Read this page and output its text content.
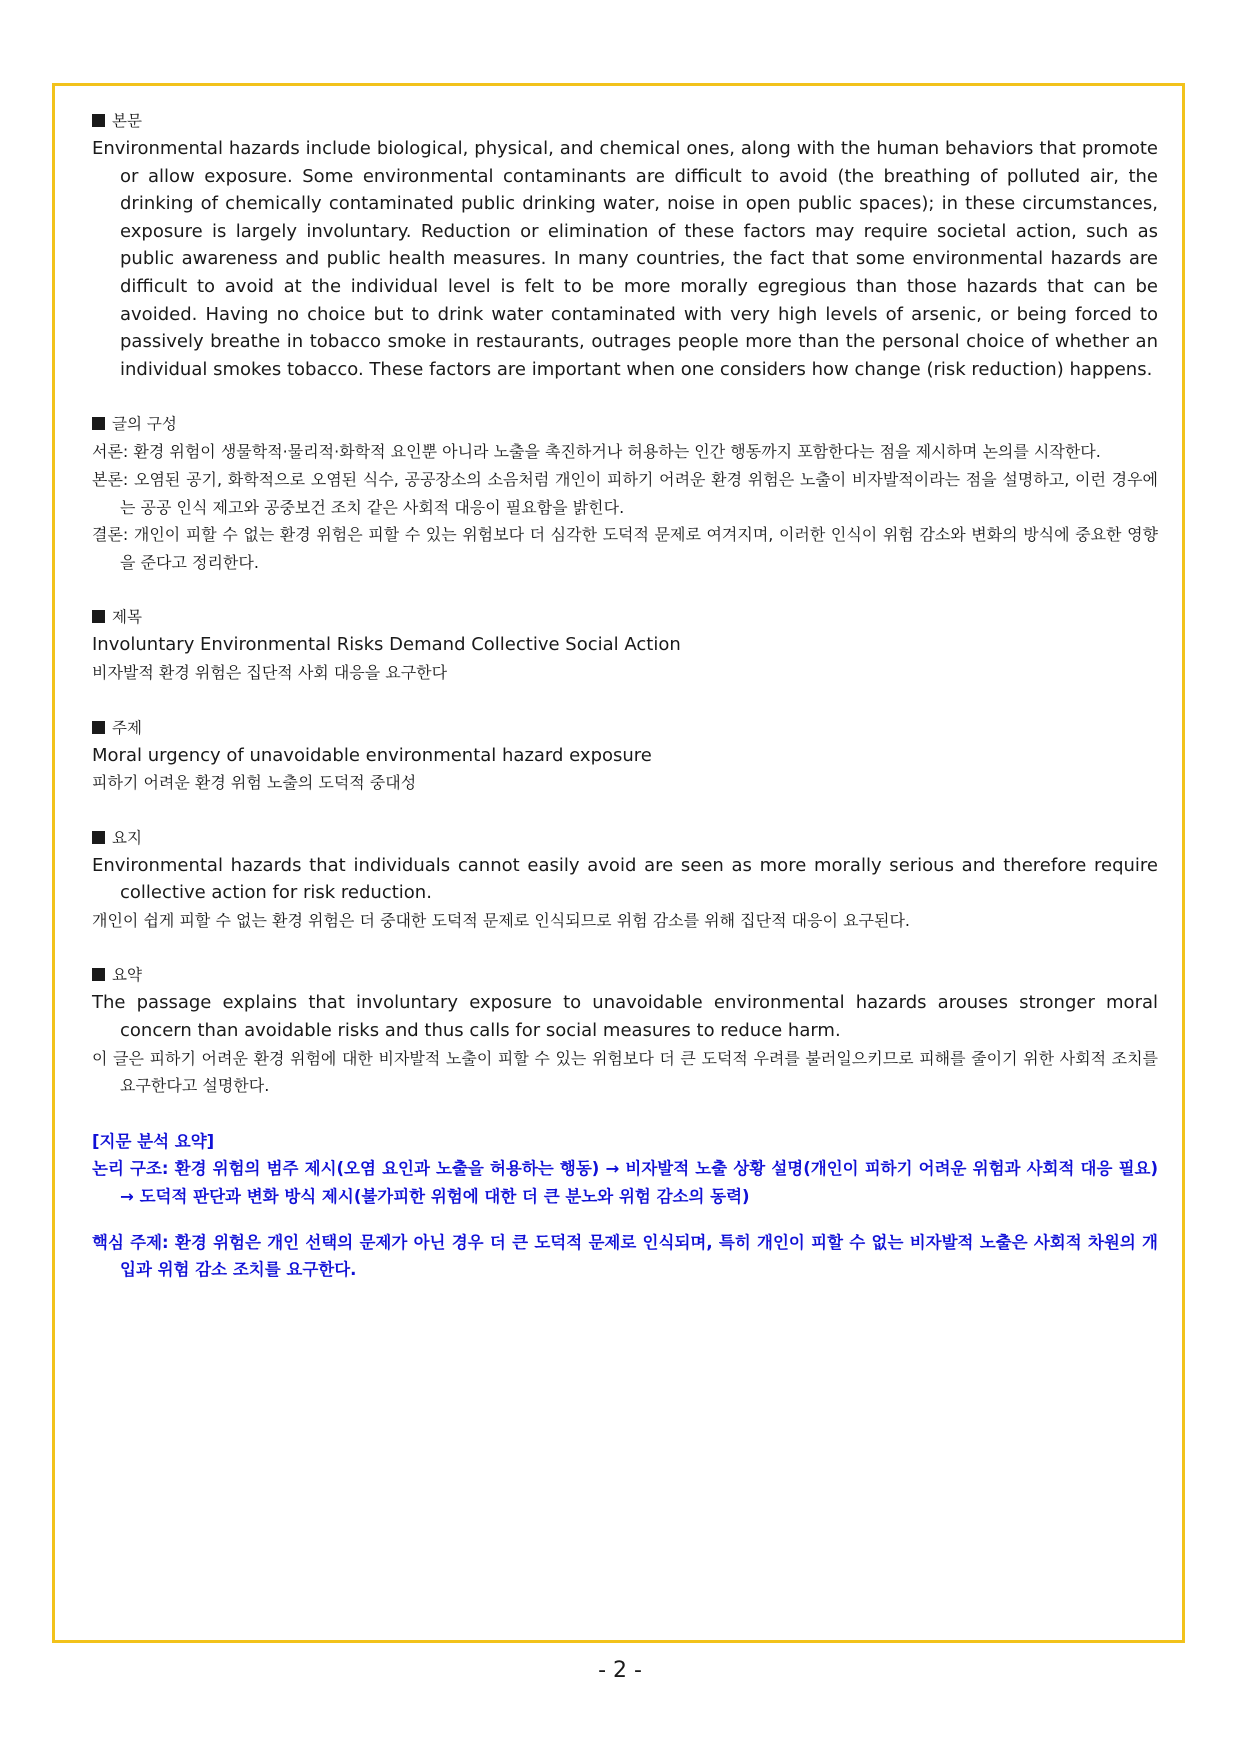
본문
Environmental hazards include biological, physical, and chemical ones, along with the human behaviors that promote or allow exposure. Some environmental contaminants are difficult to avoid (the breathing of polluted air, the drinking of chemically contaminated public drinking water, noise in open public spaces); in these circumstances, exposure is largely involuntary. Reduction or elimination of these factors may require societal action, such as public awareness and public health measures. In many countries, the fact that some environmental hazards are difficult to avoid at the individual level is felt to be more morally egregious than those hazards that can be avoided. Having no choice but to drink water contaminated with very high levels of arsenic, or being forced to passively breathe in tobacco smoke in restaurants, outrages people more than the personal choice of whether an individual smokes tobacco. These factors are important when one considers how change (risk reduction) happens.
글의 구성
서론: 환경 위험이 생물학적·물리적·화학적 요인뿐 아니라 노출을 촉진하거나 허용하는 인간 행동까지 포함한다는 점을 제시하며 논의를 시작한다.
본론: 오염된 공기, 화학적으로 오염된 식수, 공공장소의 소음처럼 개인이 피하기 어려운 환경 위험은 노출이 비자발적이라는 점을 설명하고, 이런 경우에는 공공 인식 제고와 공중보건 조치 같은 사회적 대응이 필요함을 밝힌다.
결론: 개인이 피할 수 없는 환경 위험은 피할 수 있는 위험보다 더 심각한 도덕적 문제로 여겨지며, 이러한 인식이 위험 감소와 변화의 방식에 중요한 영향을 준다고 정리한다.
제목
Involuntary Environmental Risks Demand Collective Social Action
비자발적 환경 위험은 집단적 사회 대응을 요구한다
주제
Moral urgency of unavoidable environmental hazard exposure
피하기 어려운 환경 위험 노출의 도덕적 중대성
요지
Environmental hazards that individuals cannot easily avoid are seen as more morally serious and therefore require collective action for risk reduction.
개인이 쉽게 피할 수 없는 환경 위험은 더 중대한 도덕적 문제로 인식되므로 위험 감소를 위해 집단적 대응이 요구된다.
요약
The passage explains that involuntary exposure to unavoidable environmental hazards arouses stronger moral concern than avoidable risks and thus calls for social measures to reduce harm.
이 글은 피하기 어려운 환경 위험에 대한 비자발적 노출이 피할 수 있는 위험보다 더 큰 도덕적 우려를 불러일으키므로 피해를 줄이기 위한 사회적 조치를 요구한다고 설명한다.
[지문 분석 요약]
논리 구조: 환경 위험의 범주 제시(오염 요인과 노출을 허용하는 행동) → 비자발적 노출 상황 설명(개인이 피하기 어려운 위험과 사회적 대응 필요) → 도덕적 판단과 변화 방식 제시(불가피한 위험에 대한 더 큰 분노와 위험 감소의 동력)
핵심 주제: 환경 위험은 개인 선택의 문제가 아닌 경우 더 큰 도덕적 문제로 인식되며, 특히 개인이 피할 수 없는 비자발적 노출은 사회적 차원의 개입과 위험 감소 조치를 요구한다.
- 2 -
